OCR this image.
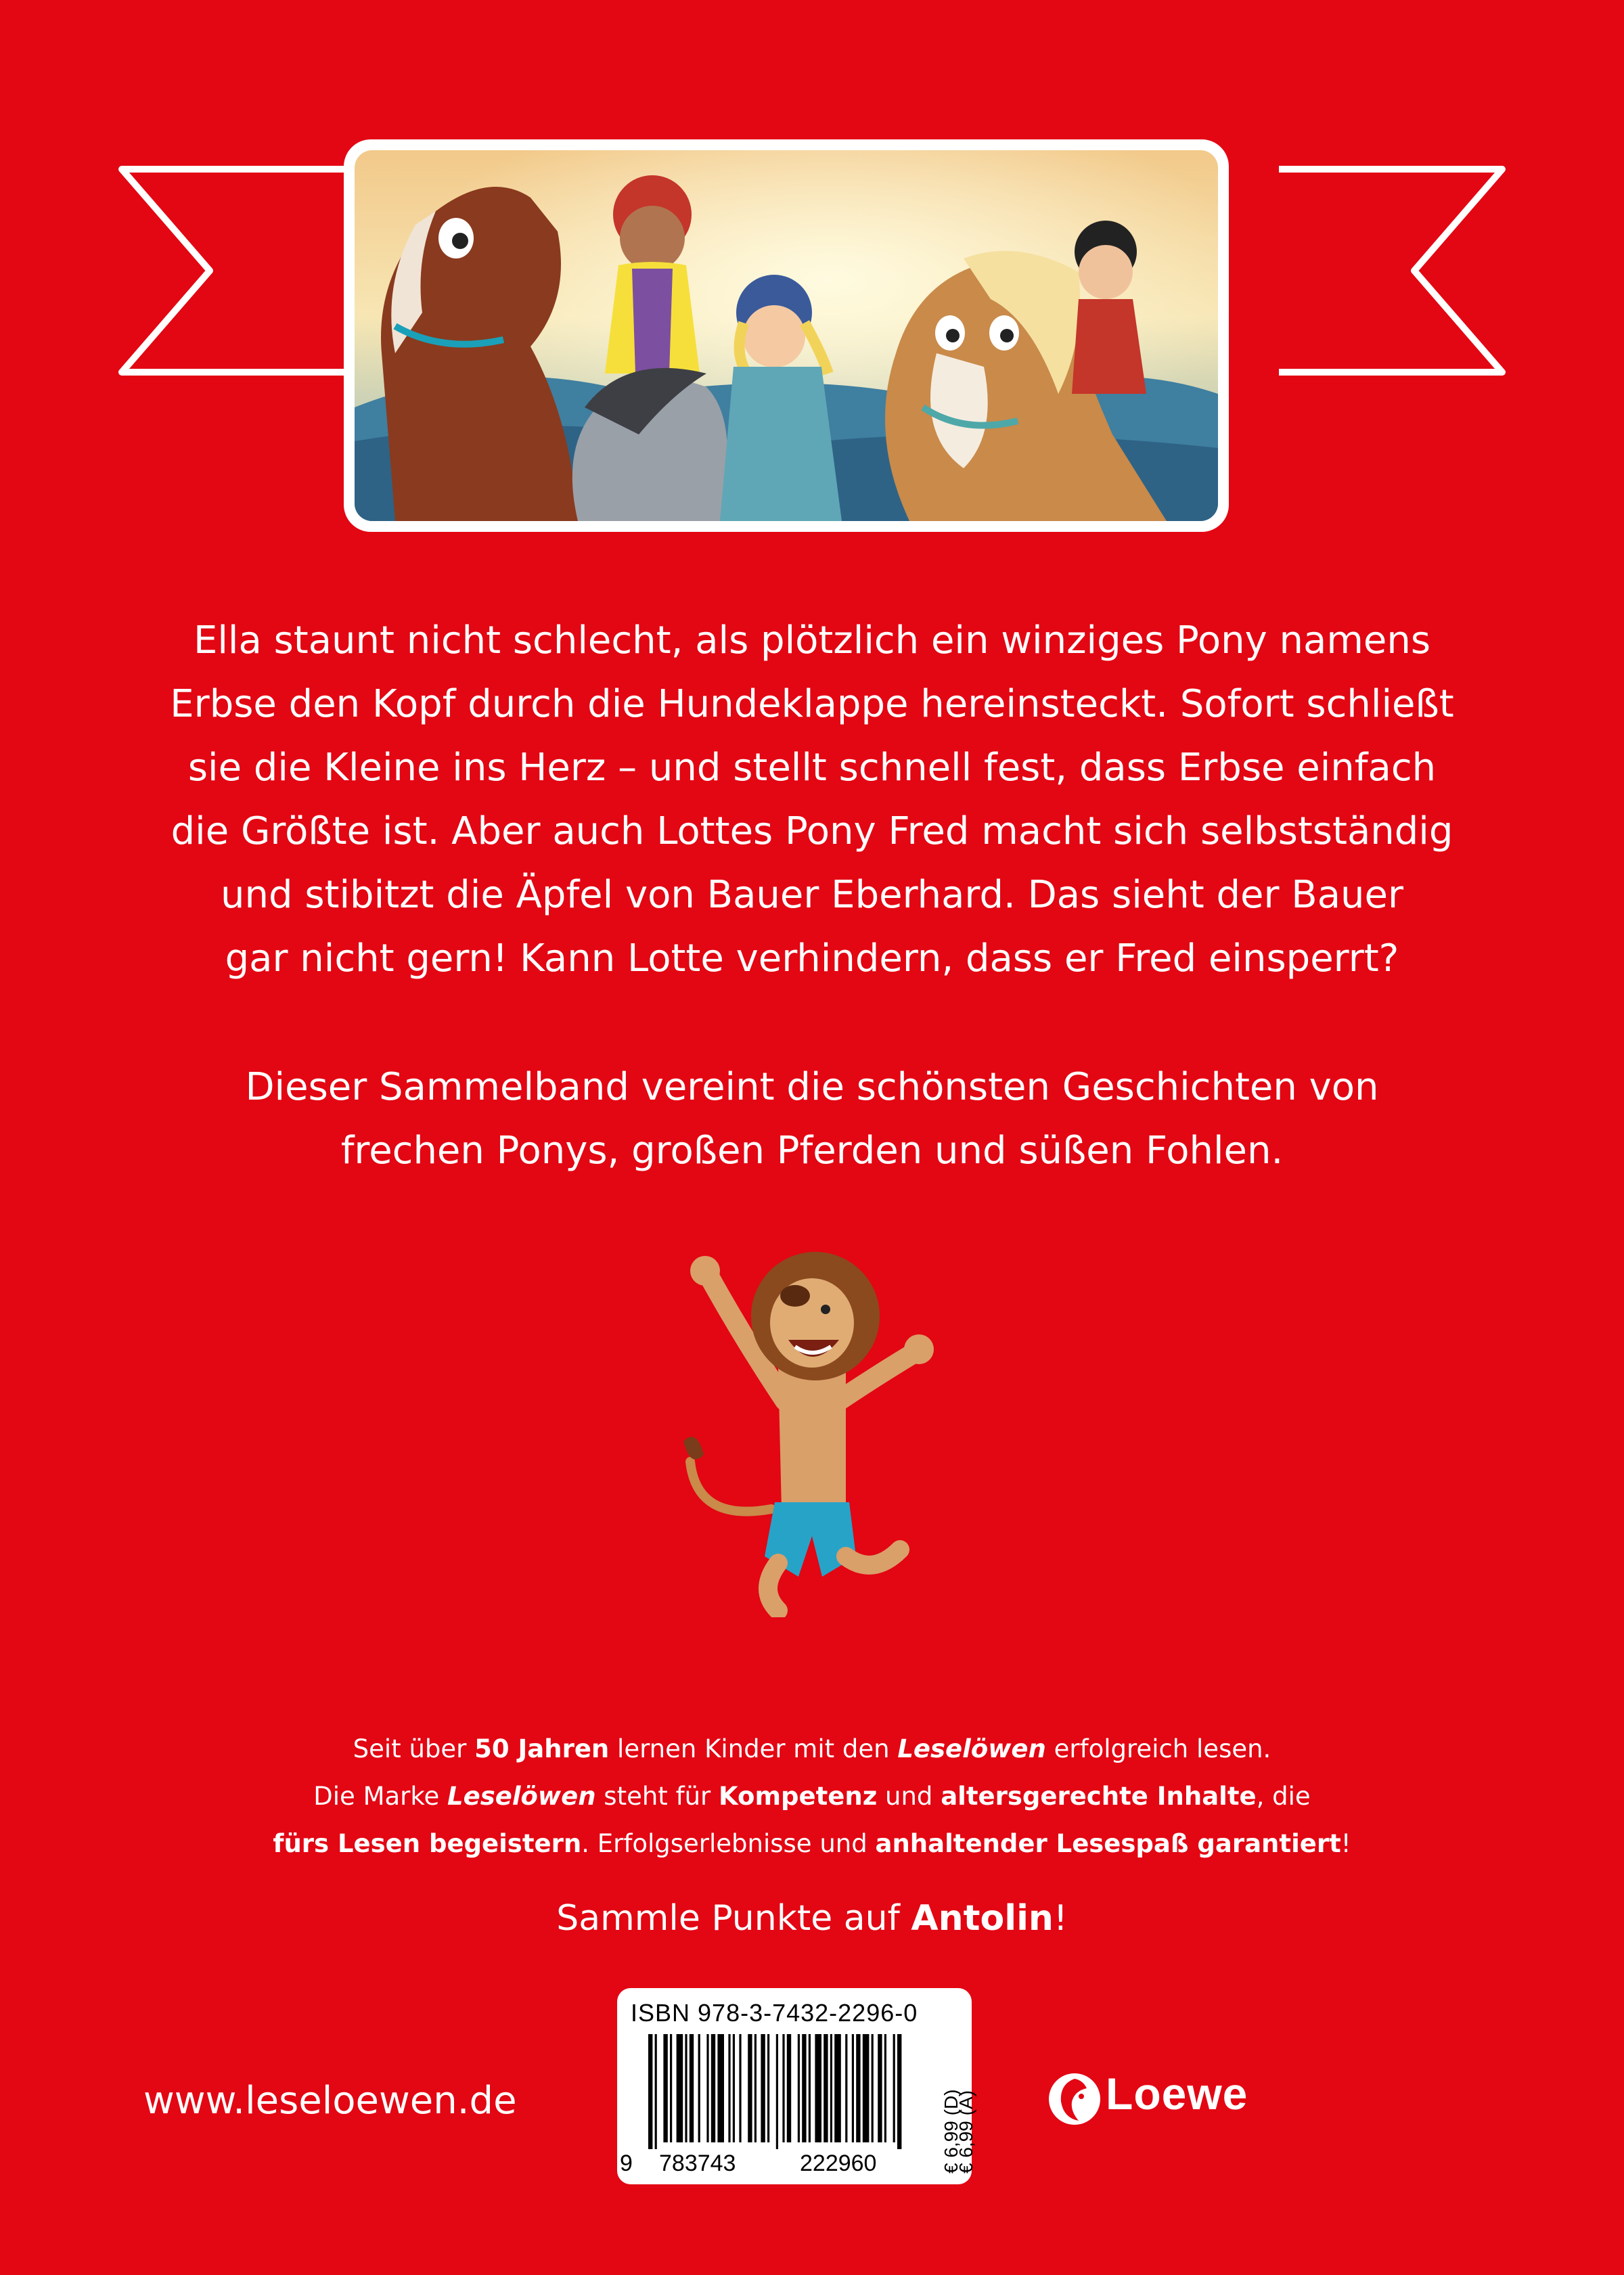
Ella staunt nicht schlecht, als plötzlich ein winziges Pony namens

Erbse den Kopf durch die Hundeklappe hereinsteckt. Sofort schließt

sie die Kleine ins Herz – und stellt schnell fest, dass Erbse einfach

die Größte ist. Aber auch Lottes Pony Fred macht sich selbstständig

und stibitzt die Äpfel von Bauer Eberhard. Das sieht der Bauer

gar nicht gern! Kann Lotte verhindern, dass er Fred einsperrt?

Dieser Sammelband vereint die schönsten Geschichten von
frechen Ponys, großen Pferden und süßen Fohlen.
Seit über 50 Jahren lernen Kinder mit den Leselöwen erfolgreich lesen.
Die Marke Leselöwen steht für Kompetenz und altersgerechte Inhalte, die
fürs Lesen begeistern. Erfolgserlebnisse und anhaltender Lesespaß garantiert!
Sammle Punkte auf Antolin!
www.leseloewen.de
ISBN 978-3-7432-2296-0
9 783743	222960	€ 6,99 (D)
€ 6,99 (A)	Loewe
